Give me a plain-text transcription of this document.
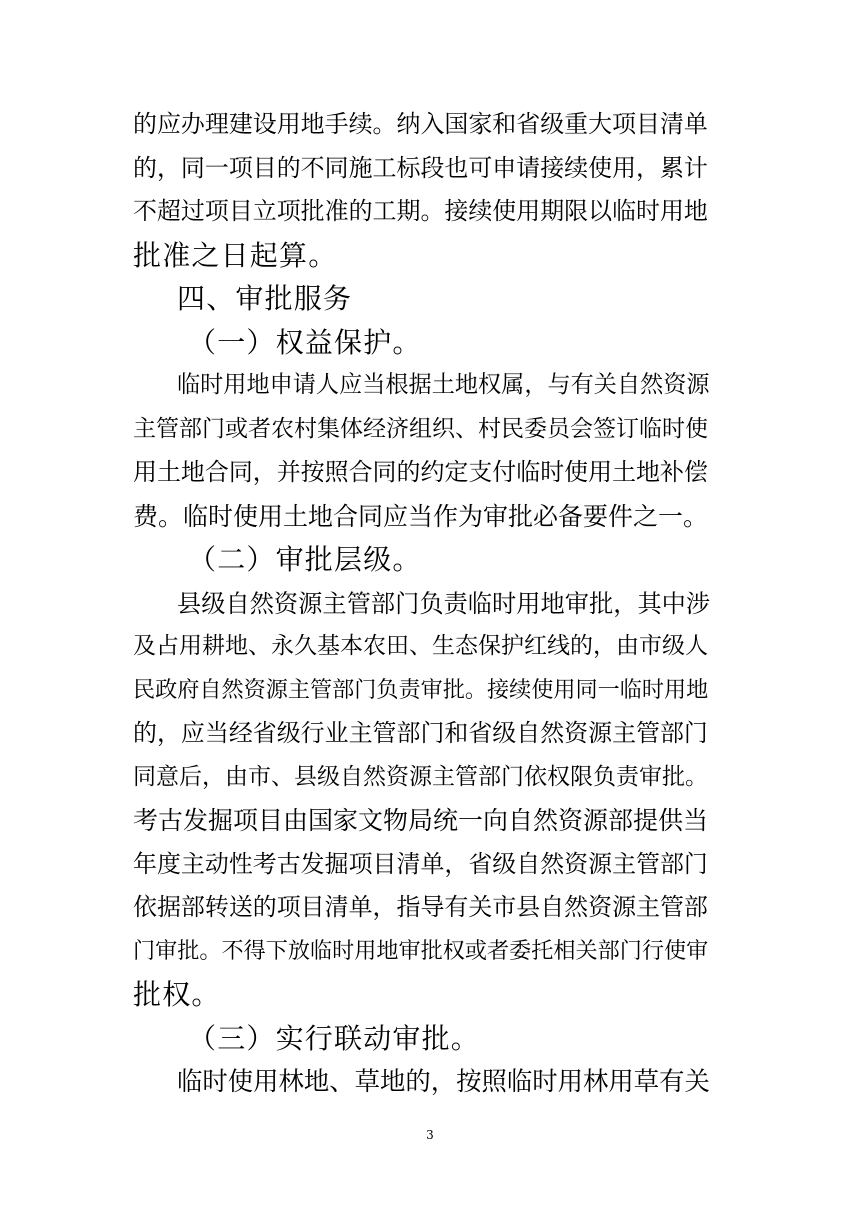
的应办理建设用地手续。纳入国家和省级重大项目清单
的，同一项目的不同施工标段也可申请接续使用，累计
不超过项目立项批准的工期。接续使用期限以临时用地
批准之日起算。
四、审批服务
（一）权益保护。
临时用地申请人应当根据土地权属，与有关自然资源
主管部门或者农村集体经济组织、村民委员会签订临时使
用土地合同，并按照合同的约定支付临时使用土地补偿
费。临时使用土地合同应当作为审批必备要件之一。
（二）审批层级。
县级自然资源主管部门负责临时用地审批，其中涉
及占用耕地、永久基本农田、生态保护红线的，由市级人
民政府自然资源主管部门负责审批。接续使用同一临时用地
的，应当经省级行业主管部门和省级自然资源主管部门
同意后，由市、县级自然资源主管部门依权限负责审批。
考古发掘项目由国家文物局统一向自然资源部提供当
年度主动性考古发掘项目清单，省级自然资源主管部门
依据部转送的项目清单，指导有关市县自然资源主管部
门审批。不得下放临时用地审批权或者委托相关部门行使审
批权。
（三）实行联动审批。
临时使用林地、草地的，按照临时用林用草有关
3
